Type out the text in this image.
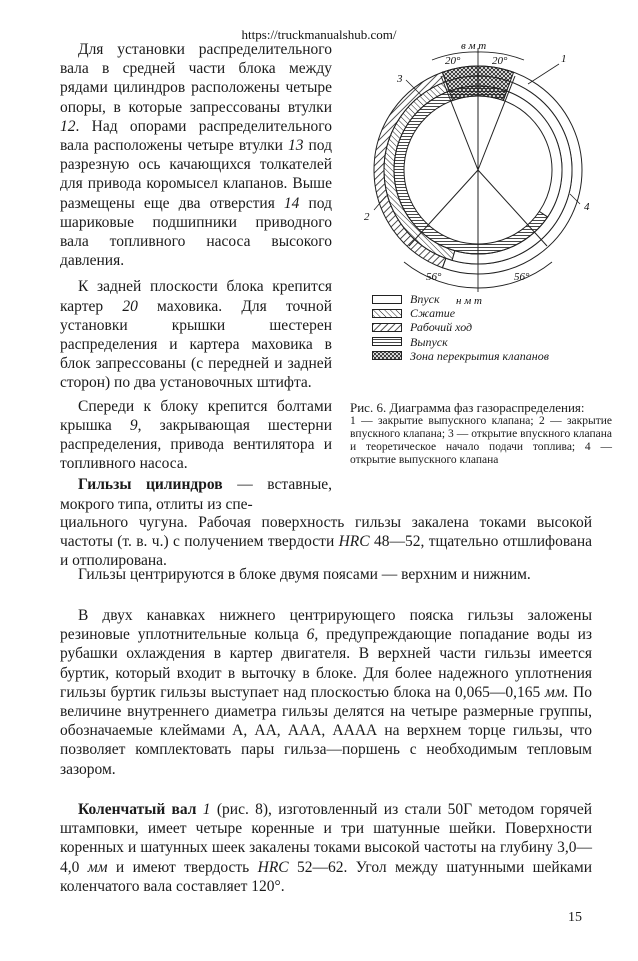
https://truckmanualshub.com/

Для установки распределительного вала в средней части блока между рядами цилиндров расположены четыре опоры, в которые запрессованы втулки 12. Над опорами распределительного вала расположены четыре втулки 13 под разрезную ось качающихся толкателей для привода коромысел клапанов. Выше размещены еще два отверстия 14 под шариковые подшипники приводного вала топливного насоса высокого давления.

К задней плоскости блока крепится картер 20 маховика. Для точной установки крышки шестерен распределения и картера маховика в блок запрессованы (с передней и задней сторон) по два установочных штифта.

Спереди к блоку крепится болтами крышка 9, закрывающая шестерни распределения, привода вентилятора и топливного насоса.

Гильзы цилиндров — вставные, мокрого типа, отлиты из спе-

в м т
н м т
20°	20°
56°	56°
1
2
3
4
Впуск
Сжатие
Рабочий ход
Выпуск
Зона перекрытия клапанов
Рис. 6. Диаграмма фаз газораспределения:
1 — закрытие выпускного клапана; 2 — закрытие впускного клапана; 3 — открытие впускного клапана и теоретическое начало подачи топлива; 4 — открытие выпускного клапана

циального чугуна. Рабочая поверхность гильзы закалена токами высокой частоты (т. в. ч.) с получением твердости HRC 48—52, тщательно отшлифована и отполирована.

Гильзы центрируются в блоке двумя поясами — верхним и нижним.

В двух канавках нижнего центрирующего пояска гильзы заложены резиновые уплотнительные кольца 6, предупреждающие попадание воды из рубашки охлаждения в картер двигателя. В верхней части гильзы имеется буртик, который входит в выточку в блоке. Для более надежного уплотнения гильзы буртик гильзы выступает над плоскостью блока на 0,065—0,165 мм. По величине внутреннего диаметра гильзы делятся на четыре размерные группы, обозначаемые клеймами А, АА, ААА, АААА на верхнем торце гильзы, что позволяет комплектовать пары гильза—поршень с необходимым тепловым зазором.

Коленчатый вал 1 (рис. 8), изготовленный из стали 50Г методом горячей штамповки, имеет четыре коренные и три шатунные шейки. Поверхности коренных и шатунных шеек закалены токами высокой частоты на глубину 3,0—4,0 мм и имеют твердость HRC 52—62. Угол между шатунными шейками коленчатого вала составляет 120°.

15
